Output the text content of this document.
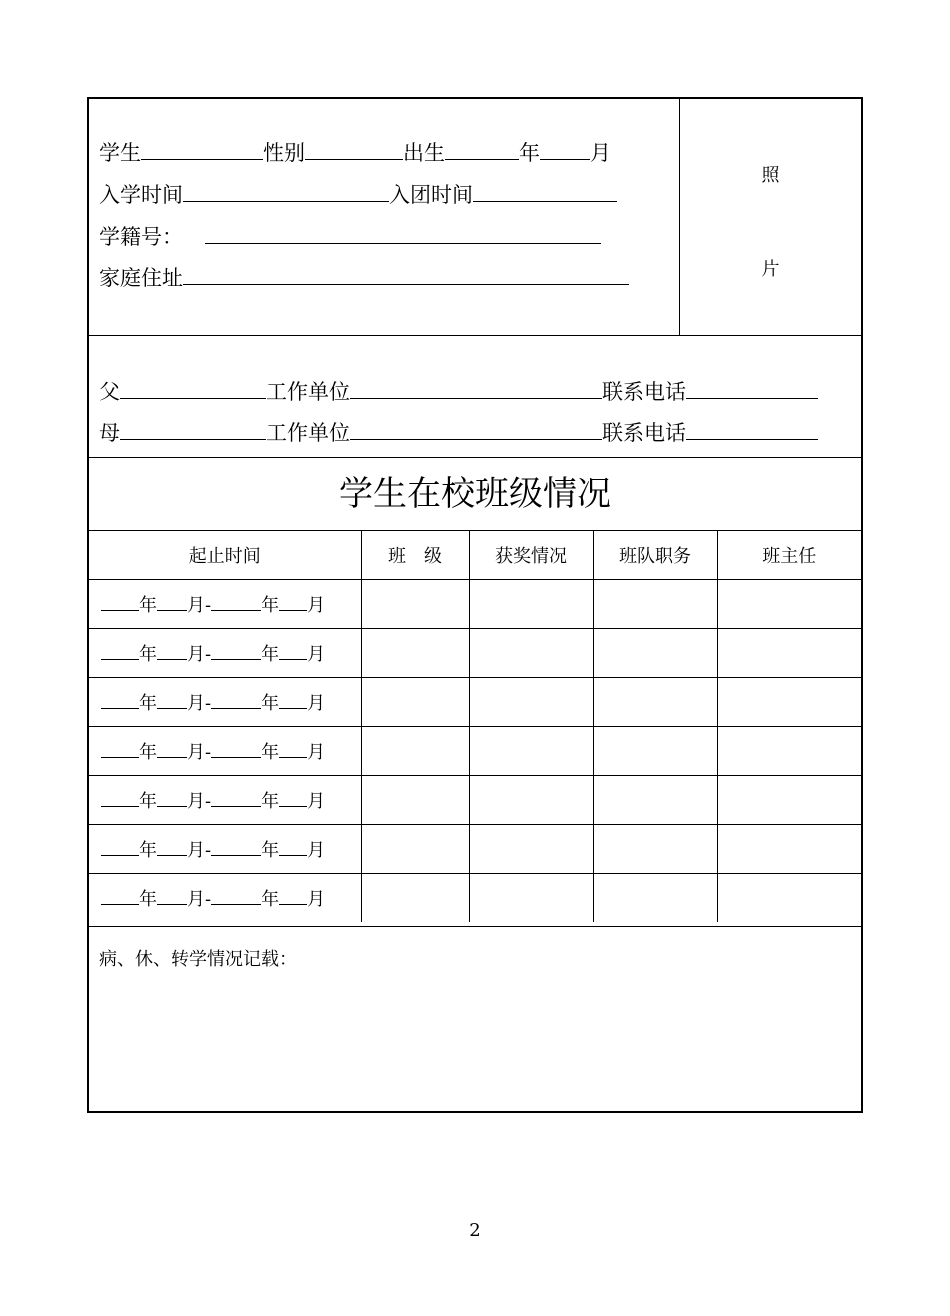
学生	性别	出生	年 月
入学时间	入团时间
学籍号：
家庭住址
照
片
父	工作单位	联系电话
母	工作单位	联系电话
学生在校班级情况
起止时间	班　级	获奖情况	班队职务	班主任
年 月- 年 月				
年 月- 年 月				
年 月- 年 月				
年 月- 年 月				
年 月- 年 月				
年 月- 年 月				
年 月- 年 月				
病、休、转学情况记载：
2
